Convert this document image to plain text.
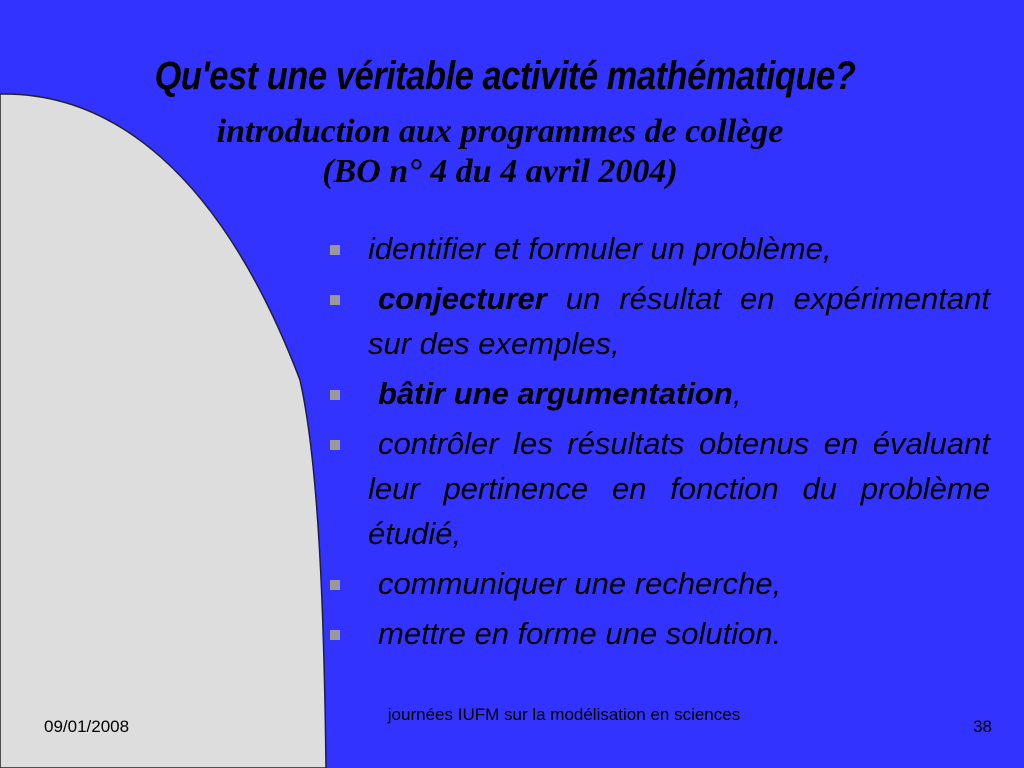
Qu'est une véritable activité mathématique?

introduction aux programmes de collège

(BO n° 4 du 4 avril 2004)

identifier et formuler un problème,
conjecturer un résultat en expérimentant sur des exemples,
bâtir une argumentation,
contrôler les résultats obtenus en évaluant leur pertinence en fonction du problème étudié,
communiquer une recherche,
mettre en forme une solution.
09/01/2008
journées IUFM sur la modélisation en sciences
38
